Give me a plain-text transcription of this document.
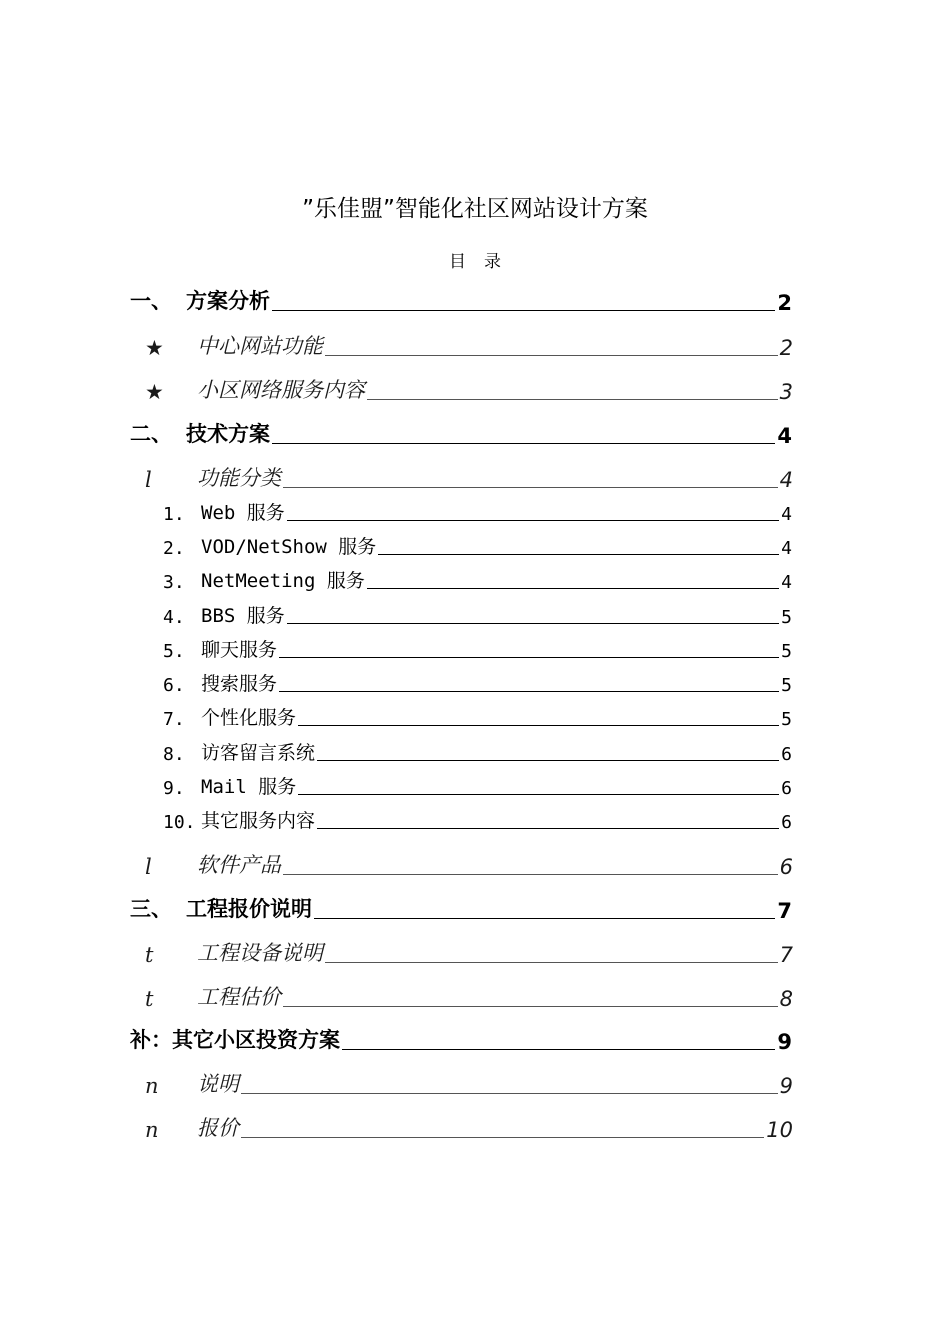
”乐佳盟”智能化社区网站设计方案
目录
一、 方案分析	2
★	中心网站功能	2
★	小区网络服务内容	3
二、 技术方案	4
l	功能分类	4
1. Web 服务	4
2. VOD/NetShow 服务	4
3. NetMeeting 服务	4
4. BBS 服务	5
5. 聊天服务	5
6. 搜索服务	5
7. 个性化服务	5
8. 访客留言系统	6
9. Mail 服务	6
10. 其它服务内容	6
l	软件产品	6
三、 工程报价说明	7
t	工程设备说明	7
t	工程估价	8
补：其它小区投资方案	9
n	说明	9
n	报价	10
